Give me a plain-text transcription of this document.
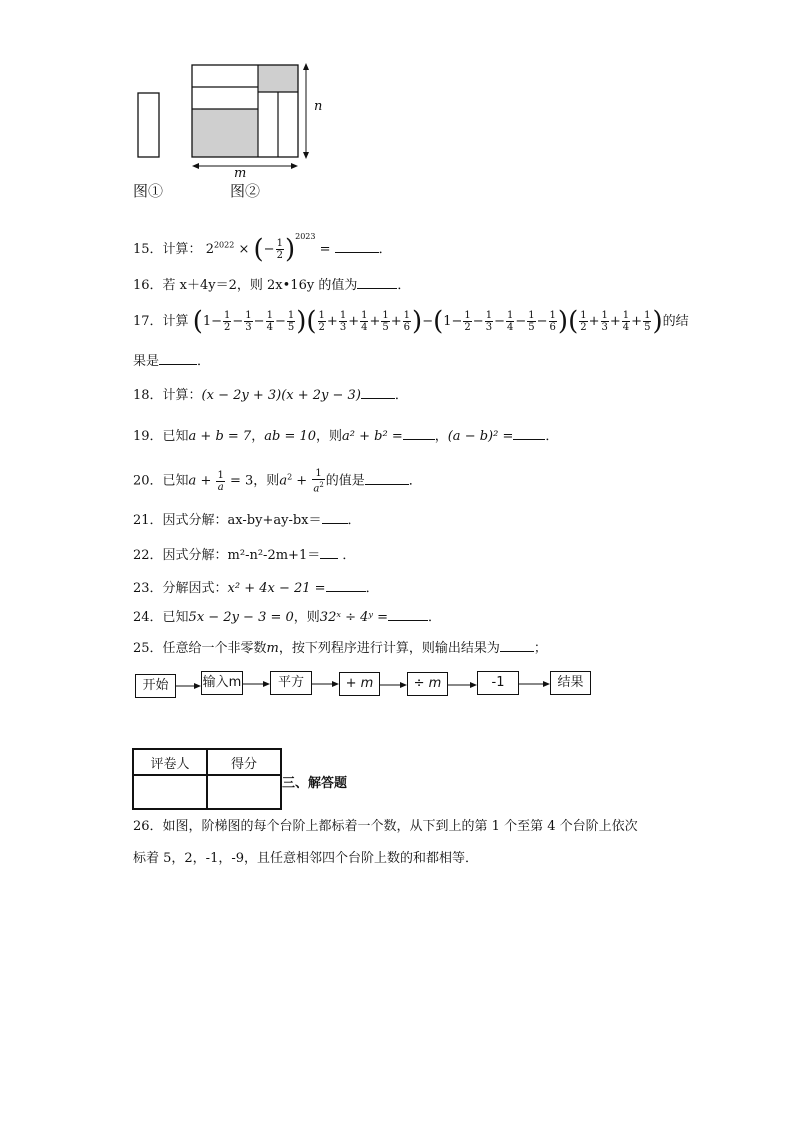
n
m
图①	图②
15．计算： $2^{2022}$ × (− $\frac{1}{2} )^{2023}$ =	．
16．若 x＋4y＝2，则 2x•16y 的值为	．
17．计算 ($1- \frac{1}{2} - \frac{1}{3} - \frac{1}{4} - \frac{1}{5}$ )( $\frac{1}{2} + \frac{1}{3} + \frac{1}{4} + \frac{1}{5} + \frac{1}{6} )-(1- \frac{1}{2} - \frac{1}{3} - \frac{1}{4} - \frac{1}{5} - \frac{1}{6}$ )( $\frac{1}{2} + \frac{1}{3} + \frac{1}{4} + \frac{1}{5}$ )的结
果是	．
18．计算：(x − 2y + 3)(x + 2y − 3)	．
19．已知a + b = 7，ab = 10，则a² + b² = ，(a − b)² = ．
20．已知$a + \frac{1}{a} = 3$，则$a^2 + \frac{1}{a^2}$ 的值是	．
21．因式分解：ax-by+ay-bx＝ ．
22．因式分解：m²-n²-2m+1＝ ．
23．分解因式：x² + 4x − 21 =	．
24．已知5x − 2y − 3 = 0，则32ˣ ÷ 4ʸ =	．
25．任意给一个非零数m，按下列程序进行计算，则输出结果为	；
开始	输入m	平方	+ m	÷ m	-1	结果
评卷人	得分

三、解答题
26．如图，阶梯图的每个台阶上都标着一个数，从下到上的第 1 个至第 4 个台阶上依次
标着 5，2，-1，-9，且任意相邻四个台阶上数的和都相等．
